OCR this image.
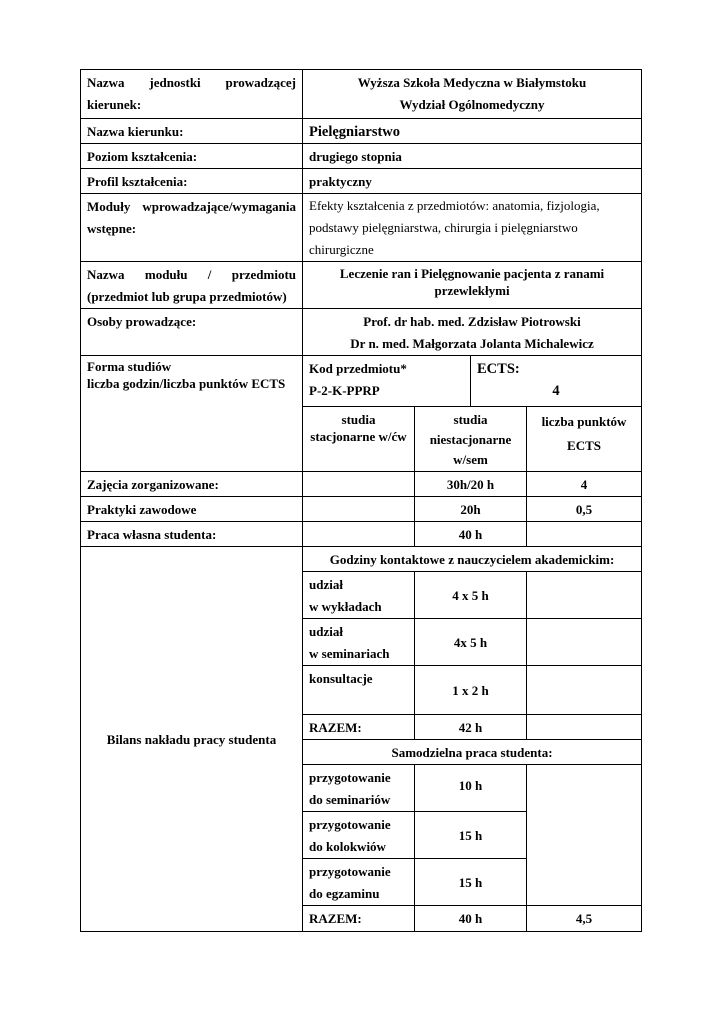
Nazwa jednostki prowadzącej
kierunek:	Wyższa Szkoła Medyczna w Białymstoku
Wydział Ogólnomedyczny			

Nazwa kierunku:	Pielęgniarstwo			
Poziom kształcenia:	drugiego stopnia			
Profil kształcenia:	praktyczny			

Moduły wprowadzające/wymagania
wstępne:	Efekty kształcenia z przedmiotów: anatomia, fizjologia, podstawy pielęgniarstwa, chirurgia i pielęgniarstwo chirurgiczne			

Nazwa modułu / przedmiotu
(przedmiot lub grupa przedmiotów)	Leczenie ran i Pielęgnowanie pacjenta z ranami przewlekłymi			
Osoby prowadzące:	Prof. dr hab. med. Zdzisław Piotrowski
Dr n. med. Małgorzata Jolanta Michalewicz			

Forma studiów
liczba godzin/liczba punktów ECTS	Kod przedmiotu*
P-2-K-PPRP		ECTS:
4	

	studia stacjonarne w/ćw	studia niestacjonarne w/sem		liczba punktów ECTS
Zajęcia zorganizowane:		30h/20 h		4
Praktyki zawodowe		20h		0,5
Praca własna studenta:		40 h		
Bilans nakładu pracy studenta	Godziny kontaktowe z nauczycielem akademickim:			

	udział
w wykładach	4 x 5 h		

	udział
w seminariach	4x 5 h		

	konsultacje	1 x 2 h		
	RAZEM:	42 h		
	Samodzielna praca studenta:			

	przygotowanie
do seminariów	10 h		

	przygotowanie
do kolokwiów	15 h		

	przygotowanie
do egzaminu	15 h		
	RAZEM:	40 h		4,5
